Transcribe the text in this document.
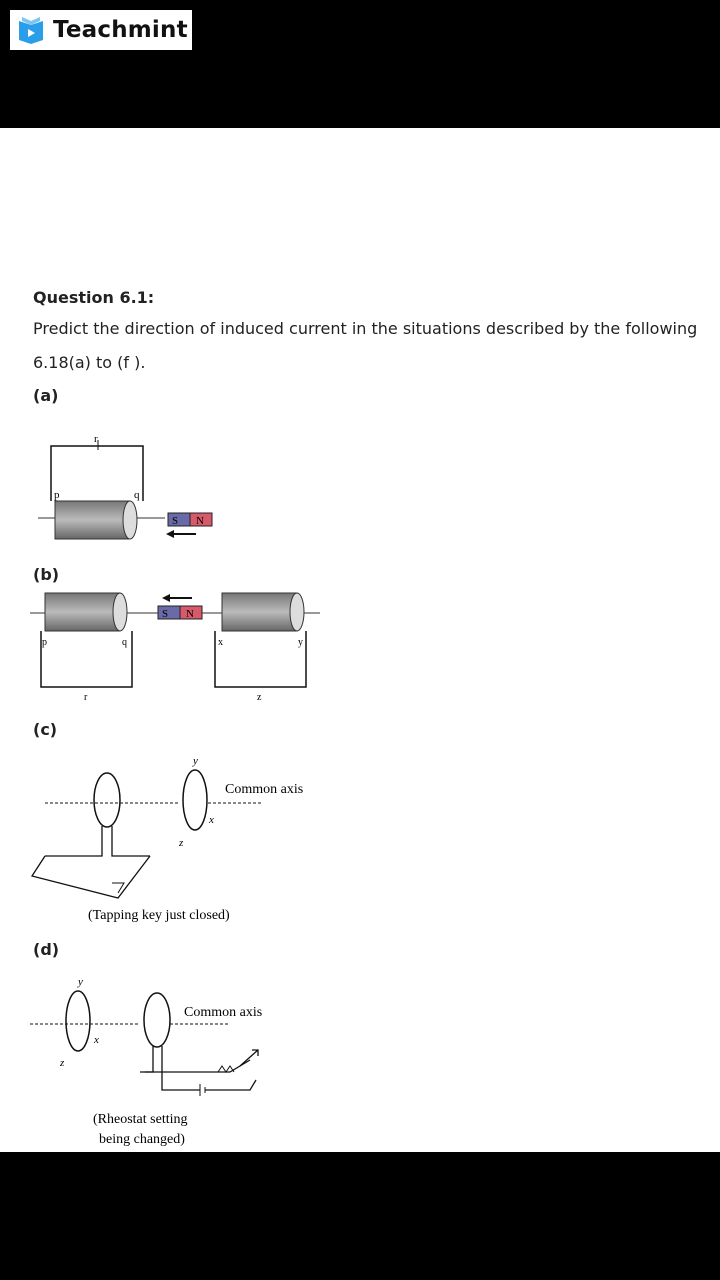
Teachmint
Question 6.1:
Predict the direction of induced current in the situations described by the following
6.18(a) to (f ).
(a)
r
p	q
S N
(b)
S N
p	q
r
x	y
z
(c)
y
x
z
Common axis
(Tapping key just closed)
(d)
y
x
z
Common axis
(Rheostat setting
being changed)
